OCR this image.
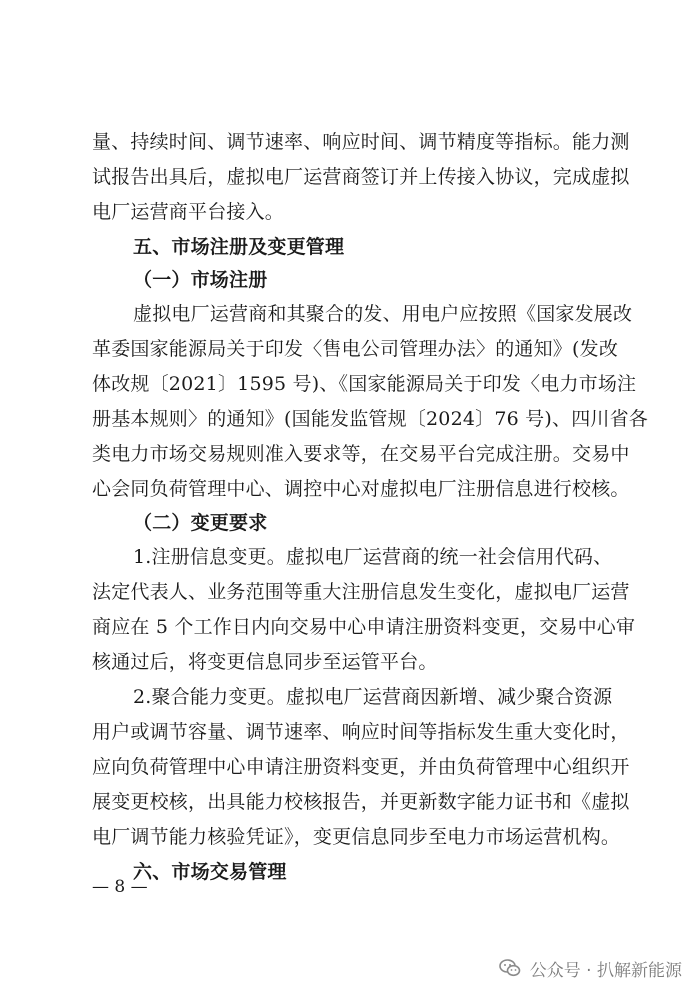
量、持续时间、调节速率、响应时间、调节精度等指标。能力测
试报告出具后，虚拟电厂运营商签订并上传接入协议，完成虚拟
电厂运营商平台接入。
五、市场注册及变更管理
（一）市场注册
虚拟电厂运营商和其聚合的发、用电户应按照《国家发展改
革委国家能源局关于印发〈售电公司管理办法〉的通知》(发改
体改规〔2021〕1595 号)、《国家能源局关于印发〈电力市场注
册基本规则〉的通知》(国能发监管规〔2024〕76 号)、四川省各
类电力市场交易规则准入要求等，在交易平台完成注册。交易中
心会同负荷管理中心、调控中心对虚拟电厂注册信息进行校核。
（二）变更要求
1.注册信息变更。虚拟电厂运营商的统一社会信用代码、
法定代表人、业务范围等重大注册信息发生变化，虚拟电厂运营
商应在 5 个工作日内向交易中心申请注册资料变更，交易中心审
核通过后，将变更信息同步至运管平台。
2.聚合能力变更。虚拟电厂运营商因新增、减少聚合资源
用户或调节容量、调节速率、响应时间等指标发生重大变化时，
应向负荷管理中心申请注册资料变更，并由负荷管理中心组织开
展变更校核，出具能力校核报告，并更新数字能力证书和《虚拟
电厂调节能力核验凭证》，变更信息同步至电力市场运营机构。
六、市场交易管理
— 8 —
公众号 · 扒解新能源
